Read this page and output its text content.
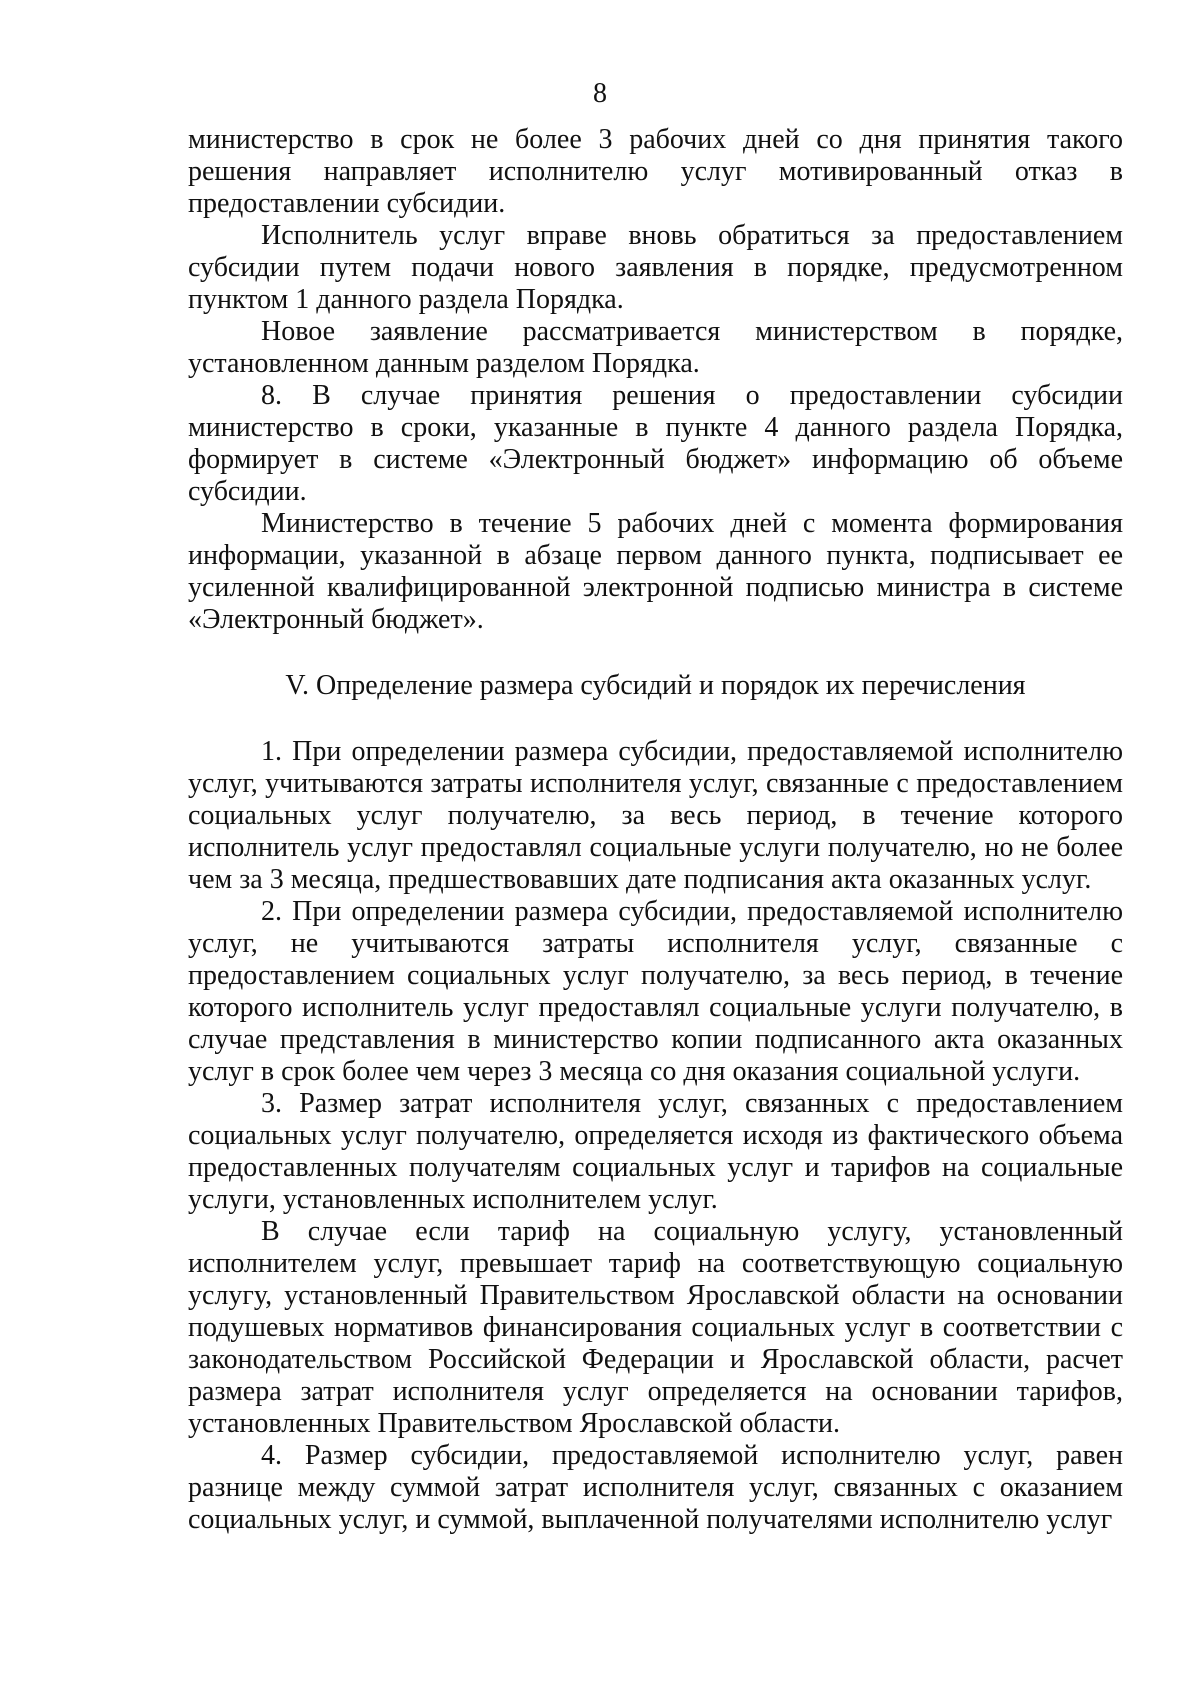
8

министерство в срок не более 3 рабочих дней со дня принятия такого решения направляет исполнителю услуг мотивированный отказ в предоставлении субсидии.

Исполнитель услуг вправе вновь обратиться за предоставлением субсидии путем подачи нового заявления в порядке, предусмотренном пунктом 1 данного раздела Порядка.

Новое заявление рассматривается министерством в порядке, установленном данным разделом Порядка.

8. В случае принятия решения о предоставлении субсидии министерство в сроки, указанные в пункте 4 данного раздела Порядка, формирует в системе «Электронный бюджет» информацию об объеме субсидии.

Министерство в течение 5 рабочих дней с момента формирования информации, указанной в абзаце первом данного пункта, подписывает ее усиленной квалифицированной электронной подписью министра в системе «Электронный бюджет».

V. Определение размера субсидий и порядок их перечисления

1. При определении размера субсидии, предоставляемой исполнителю услуг, учитываются затраты исполнителя услуг, связанные с предоставлением социальных услуг получателю, за весь период, в течение которого исполнитель услуг предоставлял социальные услуги получателю, но не более чем за 3 месяца, предшествовавших дате подписания акта оказанных услуг.

2. При определении размера субсидии, предоставляемой исполнителю услуг, не учитываются затраты исполнителя услуг, связанные с предоставлением социальных услуг получателю, за весь период, в течение которого исполнитель услуг предоставлял социальные услуги получателю, в случае представления в министерство копии подписанного акта оказанных услуг в срок более чем через 3 месяца со дня оказания социальной услуги.

3. Размер затрат исполнителя услуг, связанных с предоставлением социальных услуг получателю, определяется исходя из фактического объема предоставленных получателям социальных услуг и тарифов на социальные услуги, установленных исполнителем услуг.

В случае если тариф на социальную услугу, установленный исполнителем услуг, превышает тариф на соответствующую социальную услугу, установленный Правительством Ярославской области на основании подушевых нормативов финансирования социальных услуг в соответствии с законодательством Российской Федерации и Ярославской области, расчет размера затрат исполнителя услуг определяется на основании тарифов, установленных Правительством Ярославской области.

4. Размер субсидии, предоставляемой исполнителю услуг, равен разнице между суммой затрат исполнителя услуг, связанных с оказанием социальных услуг, и суммой, выплаченной получателями исполнителю услуг
